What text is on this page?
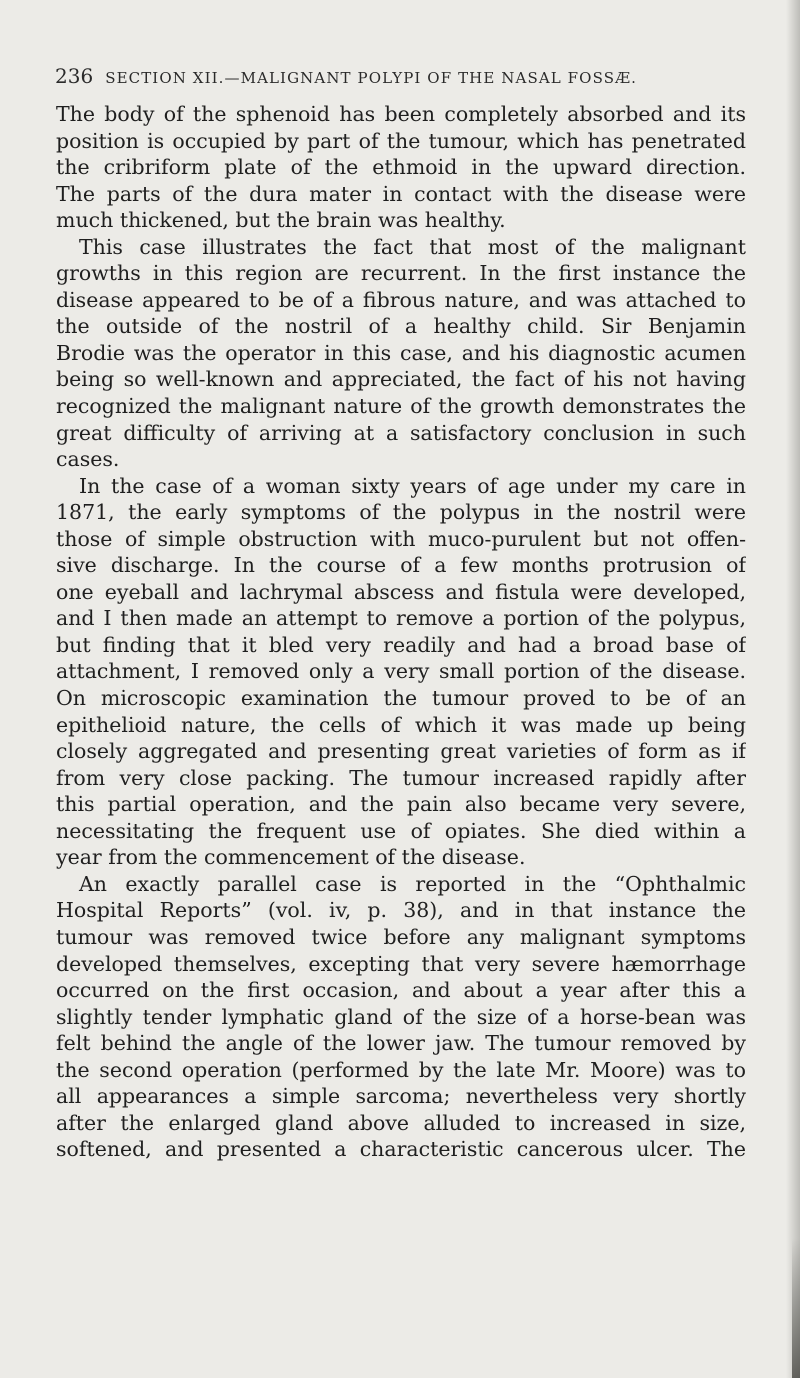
236 SECTION XII.—MALIGNANT POLYPI OF THE NASAL FOSSÆ.
The body of the sphenoid has been completely absorbed and its
position is occupied by part of the tumour, which has penetrated
the cribriform plate of the ethmoid in the upward direction.
The parts of the dura mater in contact with the disease were
much thickened, but the brain was healthy.
This case illustrates the fact that most of the malignant
growths in this region are recurrent. In the first instance the
disease appeared to be of a fibrous nature, and was attached to
the outside of the nostril of a healthy child. Sir Benjamin
Brodie was the operator in this case, and his diagnostic acumen
being so well-known and appreciated, the fact of his not having
recognized the malignant nature of the growth demonstrates the
great difficulty of arriving at a satisfactory conclusion in such
cases.
In the case of a woman sixty years of age under my care in
1871, the early symptoms of the polypus in the nostril were
those of simple obstruction with muco-purulent but not offen-
sive discharge. In the course of a few months protrusion of
one eyeball and lachrymal abscess and fistula were developed,
and I then made an attempt to remove a portion of the polypus,
but finding that it bled very readily and had a broad base of
attachment, I removed only a very small portion of the disease.
On microscopic examination the tumour proved to be of an
epithelioid nature, the cells of which it was made up being
closely aggregated and presenting great varieties of form as if
from very close packing. The tumour increased rapidly after
this partial operation, and the pain also became very severe,
necessitating the frequent use of opiates. She died within a
year from the commencement of the disease.
An exactly parallel case is reported in the “Ophthalmic
Hospital Reports” (vol. iv, p. 38), and in that instance the
tumour was removed twice before any malignant symptoms
developed themselves, excepting that very severe hæmorrhage
occurred on the first occasion, and about a year after this a
slightly tender lymphatic gland of the size of a horse-bean was
felt behind the angle of the lower jaw. The tumour removed by
the second operation (performed by the late Mr. Moore) was to
all appearances a simple sarcoma; nevertheless very shortly
after the enlarged gland above alluded to increased in size,
softened, and presented a characteristic cancerous ulcer. The
